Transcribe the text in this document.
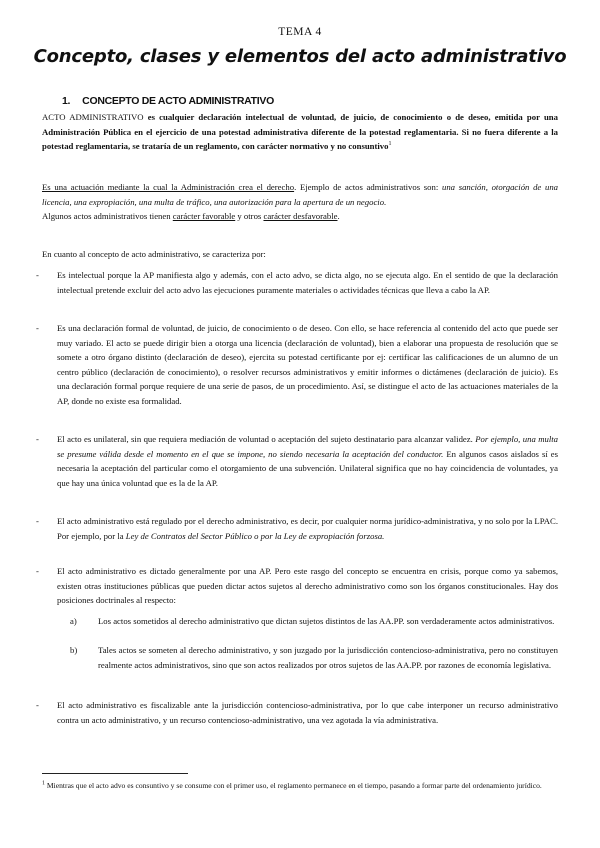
TEMA 4
Concepto, clases y elementos del acto administrativo
1. CONCEPTO DE ACTO ADMINISTRATIVO
ACTO ADMINISTRATIVO es cualquier declaración intelectual de voluntad, de juicio, de conocimiento o de deseo, emitida por una Administración Pública en el ejercicio de una potestad administrativa diferente de la potestad reglamentaria. Si no fuera diferente a la potestad reglamentaria, se trataría de un reglamento, con carácter normativo y no consuntivo$^1$
Es una actuación mediante la cual la Administración crea el derecho. Ejemplo de actos administrativos son: una sanción, otorgación de una licencia, una expropiación, una multa de tráfico, una autorización para la apertura de un negocio.
Algunos actos administrativos tienen carácter favorable y otros carácter desfavorable.
En cuanto al concepto de acto administrativo, se caracteriza por:
- Es intelectual porque la AP manifiesta algo y además, con el acto advo, se dicta algo, no se ejecuta algo. En el sentido de que la declaración intelectual pretende excluir del acto advo las ejecuciones puramente materiales o actividades técnicas que lleva a cabo la AP.
- Es una declaración formal de voluntad, de juicio, de conocimiento o de deseo. Con ello, se hace referencia al contenido del acto que puede ser muy variado. El acto se puede dirigir bien a otorga una licencia (declaración de voluntad), bien a elaborar una propuesta de resolución que se somete a otro órgano distinto (declaración de deseo), ejercita su potestad certificante por ej: certificar las calificaciones de un alumno de un centro público (declaración de conocimiento), o resolver recursos administrativos y emitir informes o dictámenes (declaración de juicio). Es una declaración formal porque requiere de una serie de pasos, de un procedimiento. Así, se distingue el acto de las actuaciones materiales de la AP, donde no existe esa formalidad.
- El acto es unilateral, sin que requiera mediación de voluntad o aceptación del sujeto destinatario para alcanzar validez. Por ejemplo, una multa se presume válida desde el momento en el que se impone, no siendo necesaria la aceptación del conductor. En algunos casos aislados sí es necesaria la aceptación del particular como el otorgamiento de una subvención. Unilateral significa que no hay coincidencia de voluntades, ya que hay una única voluntad que es la de la AP.
- El acto administrativo está regulado por el derecho administrativo, es decir, por cualquier norma jurídico-administrativa, y no solo por la LPAC. Por ejemplo, por la Ley de Contratos del Sector Público o por la Ley de expropiación forzosa.
- El acto administrativo es dictado generalmente por una AP. Pero este rasgo del concepto se encuentra en crisis, porque como ya sabemos, existen otras instituciones públicas que pueden dictar actos sujetos al derecho administrativo como son los órganos constitucionales. Hay dos posiciones doctrinales al respecto:
a) Los actos sometidos al derecho administrativo que dictan sujetos distintos de las AA.PP. son verdaderamente actos administrativos.
b) Tales actos se someten al derecho administrativo, y son juzgado por la jurisdicción contencioso-administrativa, pero no constituyen realmente actos administrativos, sino que son actos realizados por otros sujetos de las AA.PP. por razones de economía legislativa.
- El acto administrativo es fiscalizable ante la jurisdicción contencioso-administrativa, por lo que cabe interponer un recurso administrativo contra un acto administrativo, y un recurso contencioso-administrativo, una vez agotada la vía administrativa.
$^1$ Mientras que el acto advo es consuntivo y se consume con el primer uso, el reglamento permanece en el tiempo, pasando a formar parte del ordenamiento jurídico.
